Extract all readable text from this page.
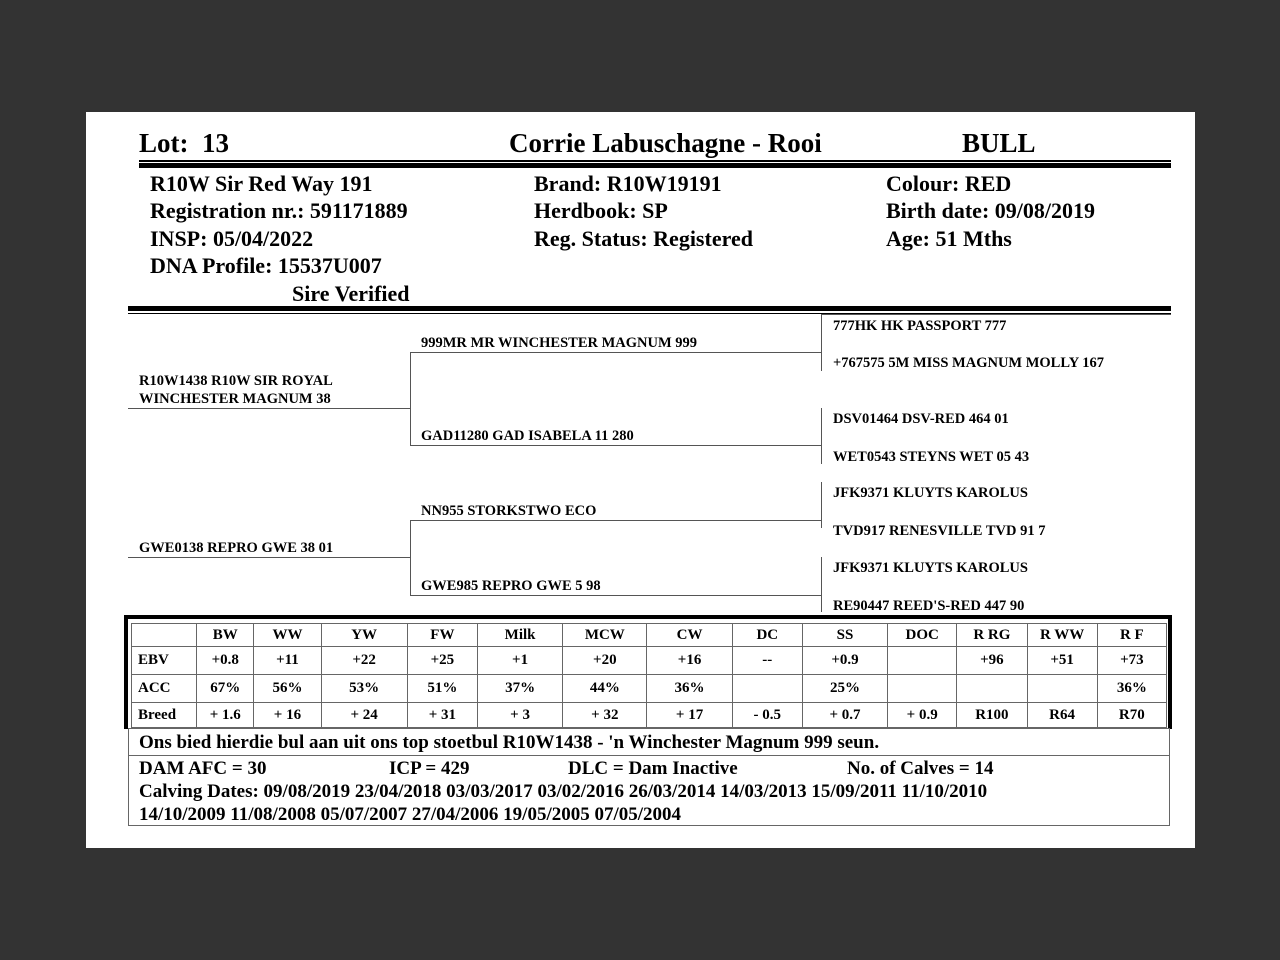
Lot: 13	Corrie Labuschagne - Rooi	BULL
R10W Sir Red Way 191
Registration nr.: 591171889
INSP: 05/04/2022
DNA Profile: 15537U007
Sire Verified
Brand: R10W19191
Herdbook: SP
Reg. Status: Registered
Colour: RED
Birth date: 09/08/2019
Age: 51 Mths
R10W1438 R10W SIR ROYAL
WINCHESTER MAGNUM 38
GWE0138 REPRO GWE 38 01
999MR MR WINCHESTER MAGNUM 999
GAD11280 GAD ISABELA 11 280
NN955 STORKSTWO ECO
GWE985 REPRO GWE 5 98
777HK HK PASSPORT 777
+767575 5M MISS MAGNUM MOLLY 167
DSV01464 DSV-RED 464 01
WET0543 STEYNS WET 05 43
JFK9371 KLUYTS KAROLUS
TVD917 RENESVILLE TVD 91 7
JFK9371 KLUYTS KAROLUS
RE90447 REED'S-RED 447 90
	BW	WW	YW	FW	Milk	MCW	CW	DC	SS	DOC	R RG	R WW	R F
EBV	+0.8	+11	+22	+25	+1	+20	+16	--	+0.9		+96	+51	+73
ACC	67%	56%	53%	51%	37%	44%	36%		25%				36%
Breed	+ 1.6	+ 16	+ 24	+ 31	+ 3	+ 32	+ 17	- 0.5	+ 0.7	+ 0.9	R100	R64	R70
Ons bied hierdie bul aan uit ons top stoetbul R10W1438 - 'n Winchester Magnum 999 seun.
DAM AFC = 30	ICP = 429	DLC = Dam Inactive	No. of Calves = 14
Calving Dates: 09/08/2019 23/04/2018 03/03/2017 03/02/2016 26/03/2014 14/03/2013 15/09/2011 11/10/2010
14/10/2009 11/08/2008 05/07/2007 27/04/2006 19/05/2005 07/05/2004
